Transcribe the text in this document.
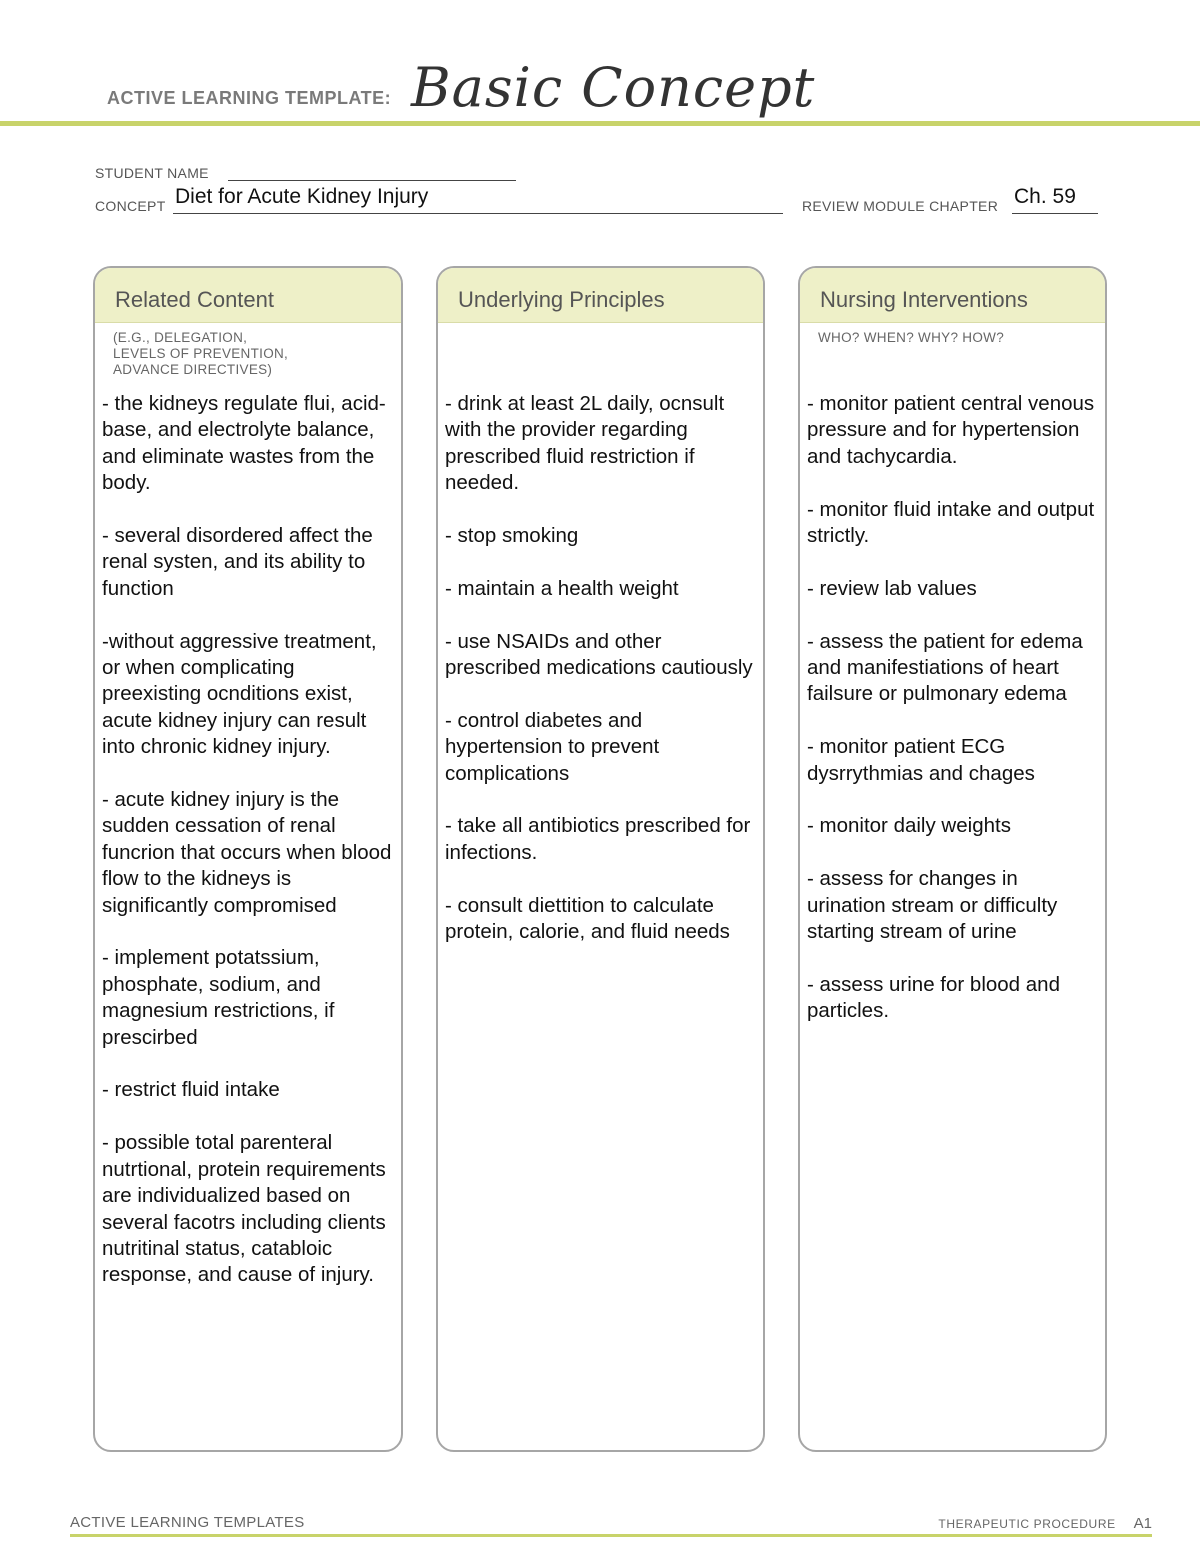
ACTIVE LEARNING TEMPLATE: Basic Concept
STUDENT NAME
CONCEPT Diet for Acute Kidney Injury	REVIEW MODULE CHAPTER Ch. 59
Related Content
(E.G., DELEGATION,
LEVELS OF PREVENTION,
ADVANCE DIRECTIVES)

- the kidneys regulate flui, acid-base, and electrolyte balance, and eliminate wastes from the body.

- several disordered affect the renal systen, and its ability to function

-without aggressive treatment, or when complicating preexisting ocnditions exist, acute kidney injury can result into chronic kidney injury.

- acute kidney injury is the sudden cessation of renal funcrion that occurs when blood flow to the kidneys is significantly compromised

- implement potatssium, phosphate, sodium, and magnesium restrictions, if prescirbed

- restrict fluid intake

- possible total parenteral nutrtional, protein requirements are individualized based on several facotrs including clients nutritinal status, catabloic response, and cause of injury.

Underlying Principles

- drink at least 2L daily, ocnsult with the provider regarding prescribed fluid restriction if needed.

- stop smoking

- maintain a health weight

- use NSAIDs and other prescribed medications cautiously

- control diabetes and hypertension to prevent complications

- take all antibiotics prescribed for infections.

- consult diettition to calculate protein, calorie, and fluid needs

Nursing Interventions
WHO? WHEN? WHY? HOW?

- monitor patient central venous pressure and for hypertension and tachycardia.

- monitor fluid intake and output strictly.

- review lab values

- assess the patient for edema and manifestiations of heart failsure or pulmonary edema

- monitor patient ECG dysrrythmias and chages

- monitor daily weights

- assess for changes in urination stream or difficulty starting stream of urine

- assess urine for blood and particles.

ACTIVE LEARNING TEMPLATES	THERAPEUTIC PROCEDURE A1
